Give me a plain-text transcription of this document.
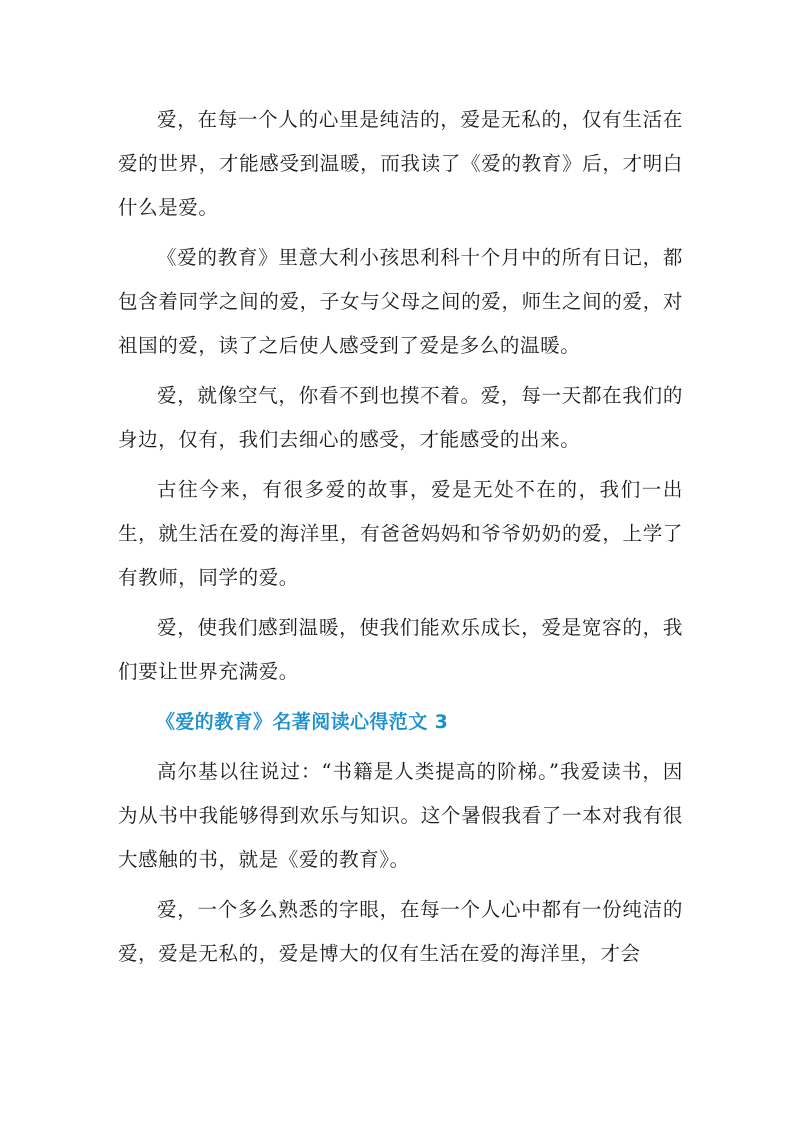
爱，在每一个人的心里是纯洁的，爱是无私的，仅有生活在爱的世界，才能感受到温暖，而我读了《爱的教育》后，才明白什么是爱。

《爱的教育》里意大利小孩思利科十个月中的所有日记，都包含着同学之间的爱，子女与父母之间的爱，师生之间的爱，对祖国的爱，读了之后使人感受到了爱是多么的温暖。

爱，就像空气，你看不到也摸不着。爱，每一天都在我们的身边，仅有，我们去细心的感受，才能感受的出来。

古往今来，有很多爱的故事，爱是无处不在的，我们一出生，就生活在爱的海洋里，有爸爸妈妈和爷爷奶奶的爱，上学了有教师，同学的爱。

爱，使我们感到温暖，使我们能欢乐成长，爱是宽容的，我们要让世界充满爱。

《爱的教育》名著阅读心得范文 3

高尔基以往说过：“书籍是人类提高的阶梯。”我爱读书，因为从书中我能够得到欢乐与知识。这个暑假我看了一本对我有很大感触的书，就是《爱的教育》。

爱，一个多么熟悉的字眼，在每一个人心中都有一份纯洁的爱，爱是无私的，爱是博大的仅有生活在爱的海洋里，才会
